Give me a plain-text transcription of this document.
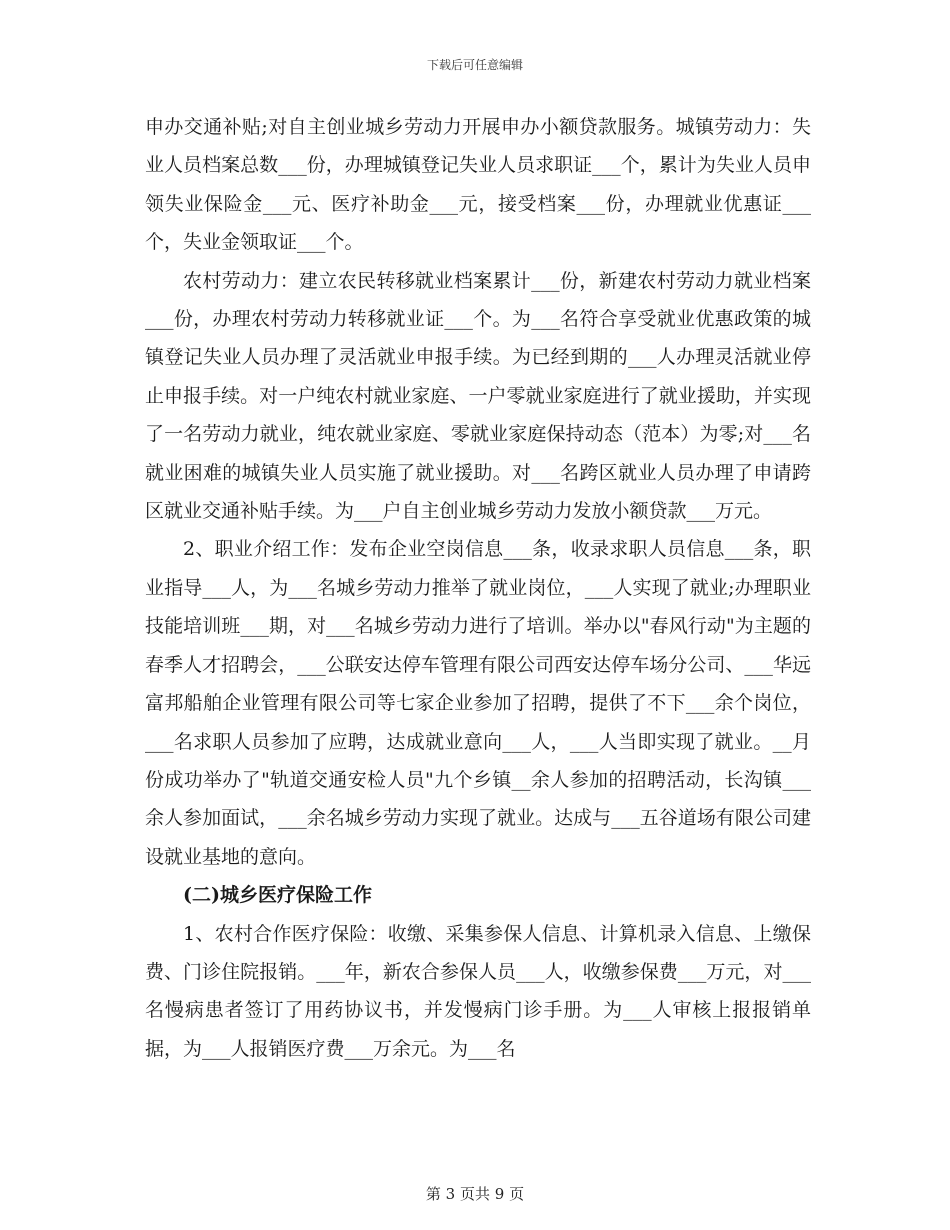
下载后可任意编辑

申办交通补贴;对自主创业城乡劳动力开展申办小额贷款服务。城镇劳动力：失业人员档案总数___份，办理城镇登记失业人员求职证___个，累计为失业人员申领失业保险金___元、医疗补助金___元，接受档案___份，办理就业优惠证___个，失业金领取证___个。

农村劳动力：建立农民转移就业档案累计___份，新建农村劳动力就业档案___份，办理农村劳动力转移就业证___个。为___名符合享受就业优惠政策的城镇登记失业人员办理了灵活就业申报手续。为已经到期的___人办理灵活就业停止申报手续。对一户纯农村就业家庭、一户零就业家庭进行了就业援助，并实现了一名劳动力就业，纯农就业家庭、零就业家庭保持动态（范本）为零;对___名就业困难的城镇失业人员实施了就业援助。对___名跨区就业人员办理了申请跨区就业交通补贴手续。为___户自主创业城乡劳动力发放小额贷款___万元。

2、职业介绍工作：发布企业空岗信息___条，收录求职人员信息___条，职业指导___人，为___名城乡劳动力推举了就业岗位，___人实现了就业;办理职业技能培训班___期，对___名城乡劳动力进行了培训。举办以"春风行动"为主题的春季人才招聘会，___公联安达停车管理有限公司西安达停车场分公司、___华远富邦船舶企业管理有限公司等七家企业参加了招聘，提供了不下___余个岗位，___名求职人员参加了应聘，达成就业意向___人，___人当即实现了就业。__月份成功举办了"轨道交通安检人员"九个乡镇__余人参加的招聘活动，长沟镇___余人参加面试，___余名城乡劳动力实现了就业。达成与___五谷道场有限公司建设就业基地的意向。

(二)城乡医疗保险工作

1、农村合作医疗保险：收缴、采集参保人信息、计算机录入信息、上缴保费、门诊住院报销。___年，新农合参保人员___人，收缴参保费___万元，对___名慢病患者签订了用药协议书，并发慢病门诊手册。为___人审核上报报销单据，为___人报销医疗费___万余元。为___名

第 3 页共 9 页
